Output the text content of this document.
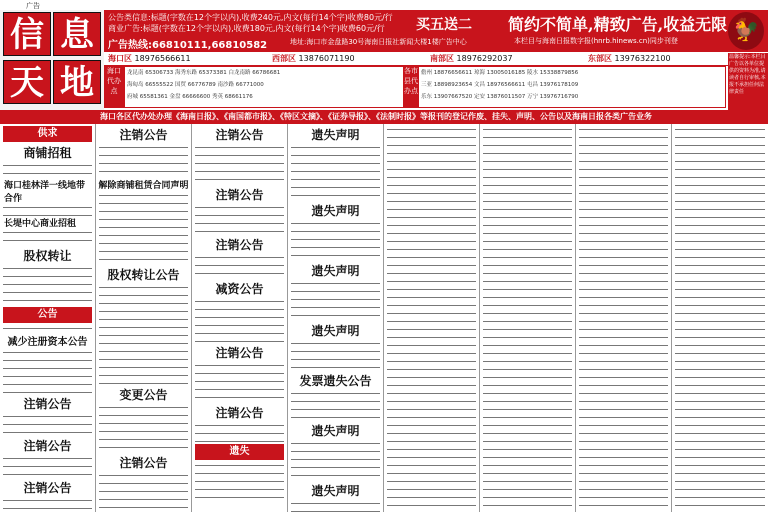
广告
信 息
天 地
公告类信息:标题(字数在12个字以内),收费240元,内文(每行14个字)收费80元/行
商业广告:标题(字数在12个字以内),收费180元,内文(每行14个字)收费60元/行
广告热线:66810111,66810582	地址:海口市金盘路30号海南日报社新闻大楼1楼广告中心
买五送二 简约不简单,精致广告,收益无限
本栏目与海南日报数字报(hnrb.hinews.cn)同步刊登 🐓
海口区 18976566611	西部区 13876071190	南部区 18976292037	东部区 13976322100
海口代办点
龙昆南 65306733 海秀东路 65373381 白龙南路 66786681
海甸岛 66555522 国贸 66776789 南沙路 66771000
府城 65581361 金盘 66666600 秀英 68661176
各市县代办点
儋州 18876656611 琼海 13005016185 陵水 15338879856
三亚 18898923654 文昌 18976566611 屯昌 13976178109
乐东 13907667520 定安 13876011507 万宁 13976716790
温馨提示:本栏目广告以各单位提供的资料为准,请读者自行审核,本报不承担任何法律责任
海口各区代办处办理《海南日报》、《南国都市报》、《特区文摘》、《证券导报》、《法制时报》等报刊的登记作废、挂失、声明、公告以及海南日报各类广告业务
供求
商铺招租
海口桂林洋一线地带合作
长堤中心商业招租
股权转让
公告
减少注册资本公告
注销公告
注销公告
注销公告
注销公告
解除商铺租赁合同声明
股权转让公告
变更公告
注销公告
注销公告
注销公告
注销公告
减资公告
注销公告
注销公告
遗失
遗失声明
遗失声明
遗失声明
遗失声明
发票遗失公告
遗失声明
遗失声明
